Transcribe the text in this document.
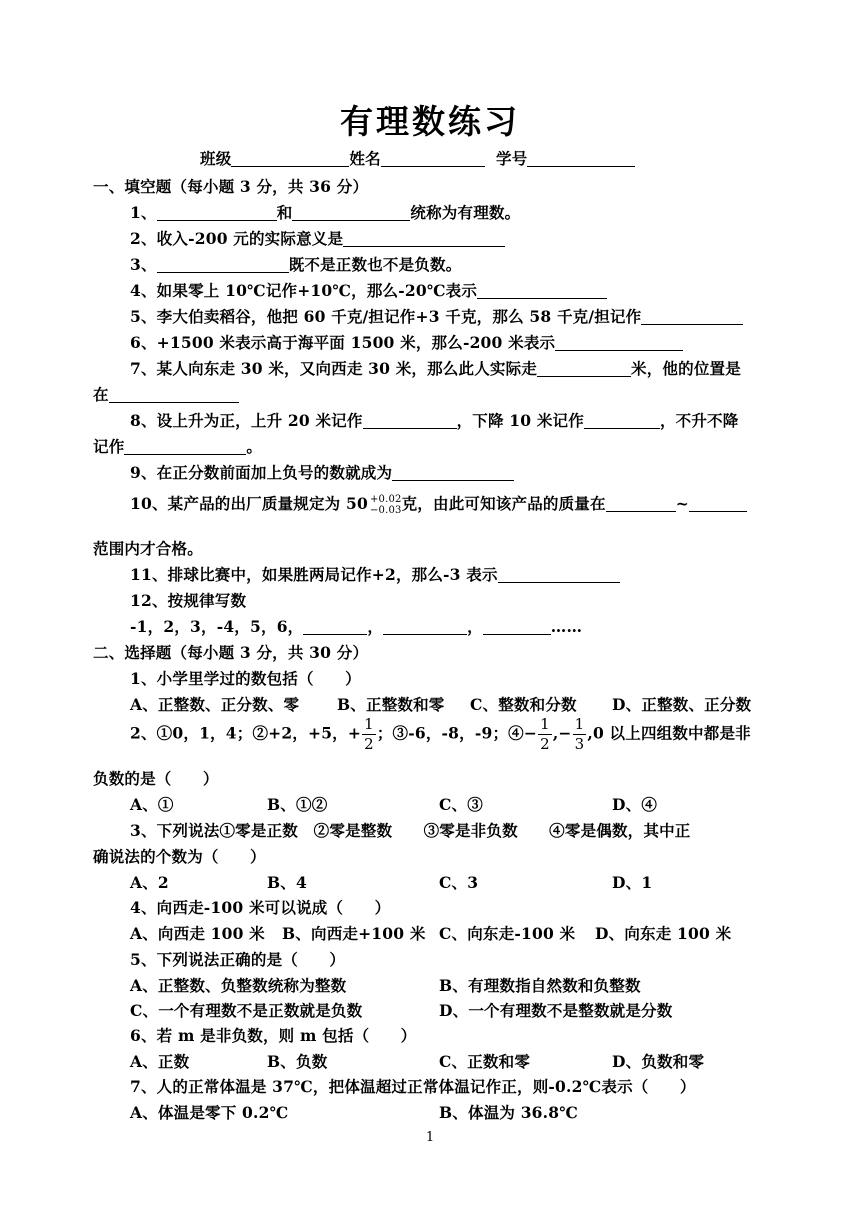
有理数练习
班级	姓名	学号
一、填空题（每小题 3 分，共 36 分）
1、	和	统称为有理数。
2、收入-200 元的实际意义是
3、	既不是正数也不是负数。
4、如果零上 10℃记作+10℃，那么-20℃表示
5、李大伯卖稻谷，他把 60 千克/担记作+3 千克，那么 58 千克/担记作
6、+1500 米表示高于海平面 1500 米，那么-200 米表示
7、某人向东走 30 米，又向西走 30 米，那么此人实际走	米，他的位置是
在
8、设上升为正，上升 20 米记作	，下降 10 米记作	，不升不降
记作	。
9、在正分数前面加上负号的数就成为
10、某产品的出厂质量规定为 50 +0.02
−0.03 克，由此可知该产品的质量在	~
范围内才合格。
11、排球比赛中，如果胜两局记作+2，那么-3 表示
12、按规律写数
-1，2，3，-4，5，6，	，	，	……
二、选择题（每小题 3 分，共 30 分）
1、小学里学过的数包括（　　）
A、正整数、正分数、零 B、正整数和零 C、整数和分数 D、正整数、正分数
2、①0，1，4；②+2，+5，+ $\frac{1}{2}$ ；③-6，-8，-9；④− $\frac{1}{2}$ ,− $\frac{1}{3} ,0$ 以上四组数中都是非
负数的是（　　）
A、①	B、①②	C、③	D、④
3、下列说法①零是正数　②零是整数　　③零是非负数　　④零是偶数，其中正
确说法的个数为（　　）
A、2	B、4	C、3	D、1
4、向西走-100 米可以说成（　　）
A、向西走 100 米 B、向西走+100 米 C、向东走-100 米 D、向东走 100 米
5、下列说法正确的是（　　）
A、正整数、负整数统称为整数	B、有理数指自然数和负整数
C、一个有理数不是正数就是负数	D、一个有理数不是整数就是分数
6、若 m 是非负数，则 m 包括（　　）
A、正数	B、负数	C、正数和零	D、负数和零
7、人的正常体温是 37℃，把体温超过正常体温记作正，则-0.2℃表示（　　）
A、体温是零下 0.2℃	B、体温为 36.8℃
1
